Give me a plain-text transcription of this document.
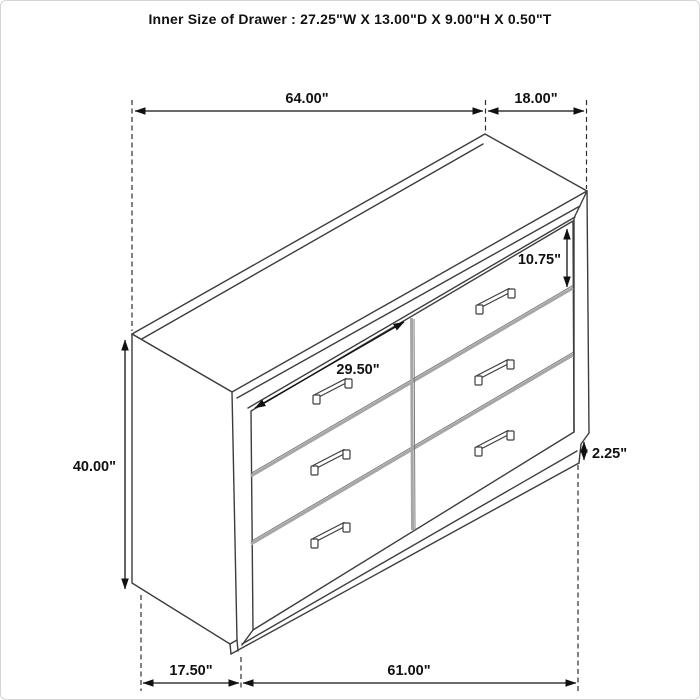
Inner Size of Drawer : 27.25"W X 13.00"D X 9.00"H X 0.50"T
64.00"	18.00"
40.00"
29.50"
10.75"
2.25"
17.50"	61.00"
